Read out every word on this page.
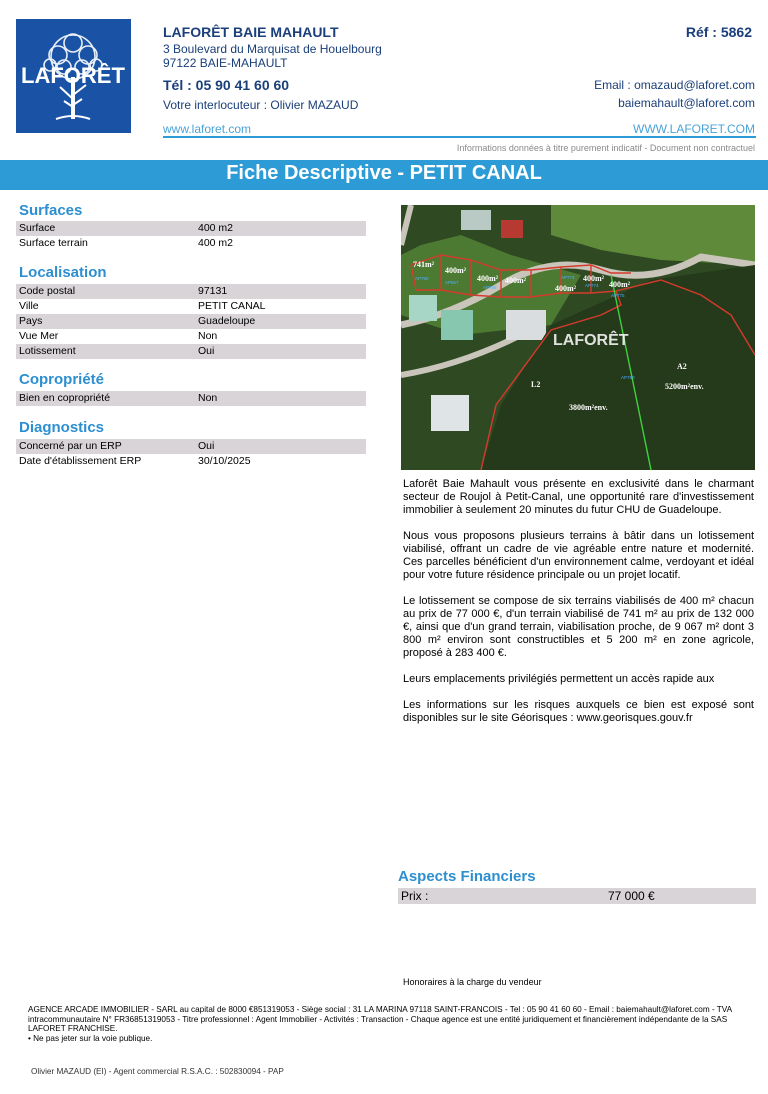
LAFORÊT
LAFORÊT BAIE MAHAULT	Réf : 5862
3 Boulevard du Marquisat de Houelbourg
97122 BAIE-MAHAULT
Tél : 05 90 41 60 60
Votre interlocuteur : Olivier MAZAUD
Email : omazaud@laforet.com
baiemahault@laforet.com
www.laforet.com	WWW.LAFORET.COM
Informations données à titre purement indicatif - Document non contractuel
Fiche Descriptive - PETIT CANAL
Surfaces
Surface	400 m2
Surface terrain	400 m2
Localisation
Code postal	97131
Ville	PETIT CANAL
Pays	Guadeloupe
Vue Mer	Non
Lotissement	Oui
Copropriété
Bien en copropriété	Non
Diagnostics
Concerné par un ERP	Oui
Date d'établissement ERP	30/10/2025
741m²
400m²
400m² 400m²
400m²
400m²
400m²
5200m²env.
3800m²env.
A2
L2
AP750
AP567
AP758
AP773
AP774
AP775
AP760
LAFORÊT

Laforêt Baie Mahault vous présente en exclusivité dans le charmant secteur de Roujol à Petit-Canal, une opportunité rare d'investissement immobilier à seulement 20 minutes du futur CHU de Guadeloupe.

Nous vous proposons plusieurs terrains à bâtir dans un lotissement viabilisé, offrant un cadre de vie agréable entre nature et modernité. Ces parcelles bénéficient d'un environnement calme, verdoyant et idéal pour votre future résidence principale ou un projet locatif.

Le lotissement se compose de six terrains viabilisés de 400 m² chacun au prix de 77 000 €, d'un terrain viabilisé de 741 m² au prix de 132 000 €, ainsi que d'un grand terrain, viabilisation proche, de 9 067 m² dont 3 800 m² environ sont constructibles et 5 200 m² en zone agricole, proposé à 283 400 €.

Leurs emplacements privilégiés permettent un accès rapide aux

Les informations sur les risques auxquels ce bien est exposé sont disponibles sur le site Géorisques : www.georisques.gouv.fr

Aspects Financiers
Prix :	77 000 €
Honoraires à la charge du vendeur
AGENCE ARCADE IMMOBILIER - SARL au capital de 8000 €851319053 - Siège social : 31 LA MARINA 97118 SAINT-FRANCOIS - Tel : 05 90 41 60 60 - Email : baiemahault@laforet.com - TVA intracommunautaire N° FR36851319053 - Titre professionnel : Agent Immobilier - Activités : Transaction - Chaque agence est une entité juridiquement et financièrement indépendante de la SAS LAFORET FRANCHISE.
• Ne pas jeter sur la voie publique.
Olivier MAZAUD (EI) - Agent commercial R.S.A.C. : 502830094 - PAP
